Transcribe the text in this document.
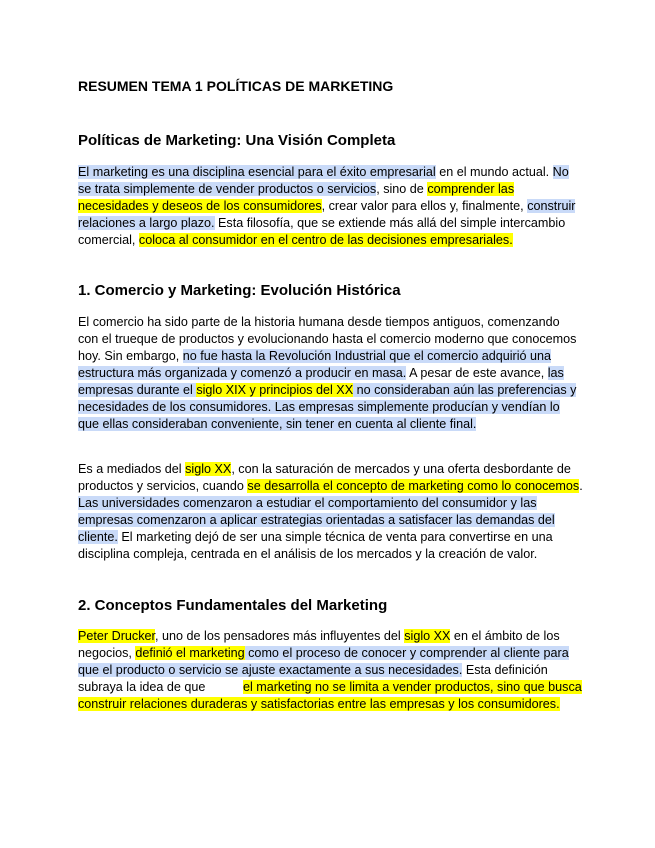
RESUMEN TEMA 1 POLÍTICAS DE MARKETING
Políticas de Marketing: Una Visión Completa
El marketing es una disciplina esencial para el éxito empresarial en el mundo actual. No se trata simplemente de vender productos o servicios, sino de comprender las necesidades y deseos de los consumidores, crear valor para ellos y, finalmente, construir relaciones a largo plazo. Esta filosofía, que se extiende más allá del simple intercambio comercial, coloca al consumidor en el centro de las decisiones empresariales.
1. Comercio y Marketing: Evolución Histórica
El comercio ha sido parte de la historia humana desde tiempos antiguos, comenzando con el trueque de productos y evolucionando hasta el comercio moderno que conocemos hoy. Sin embargo, no fue hasta la Revolución Industrial que el comercio adquirió una estructura más organizada y comenzó a producir en masa. A pesar de este avance, las empresas durante el siglo XIX y principios del XX no consideraban aún las preferencias y necesidades de los consumidores. Las empresas simplemente producían y vendían lo que ellas consideraban conveniente, sin tener en cuenta al cliente final.
Es a mediados del siglo XX, con la saturación de mercados y una oferta desbordante de productos y servicios, cuando se desarrolla el concepto de marketing como lo conocemos. Las universidades comenzaron a estudiar el comportamiento del consumidor y las empresas comenzaron a aplicar estrategias orientadas a satisfacer las demandas del cliente. El marketing dejó de ser una simple técnica de venta para convertirse en una disciplina compleja, centrada en el análisis de los mercados y la creación de valor.
2. Conceptos Fundamentales del Marketing
Peter Drucker, uno de los pensadores más influyentes del siglo XX en el ámbito de los negocios, definió el marketing como el proceso de conocer y comprender al cliente para que el producto o servicio se ajuste exactamente a sus necesidades. Esta definición subraya la idea de que	el marketing no se limita a vender productos, sino que busca construir relaciones duraderas y satisfactorias entre las empresas y los consumidores.
